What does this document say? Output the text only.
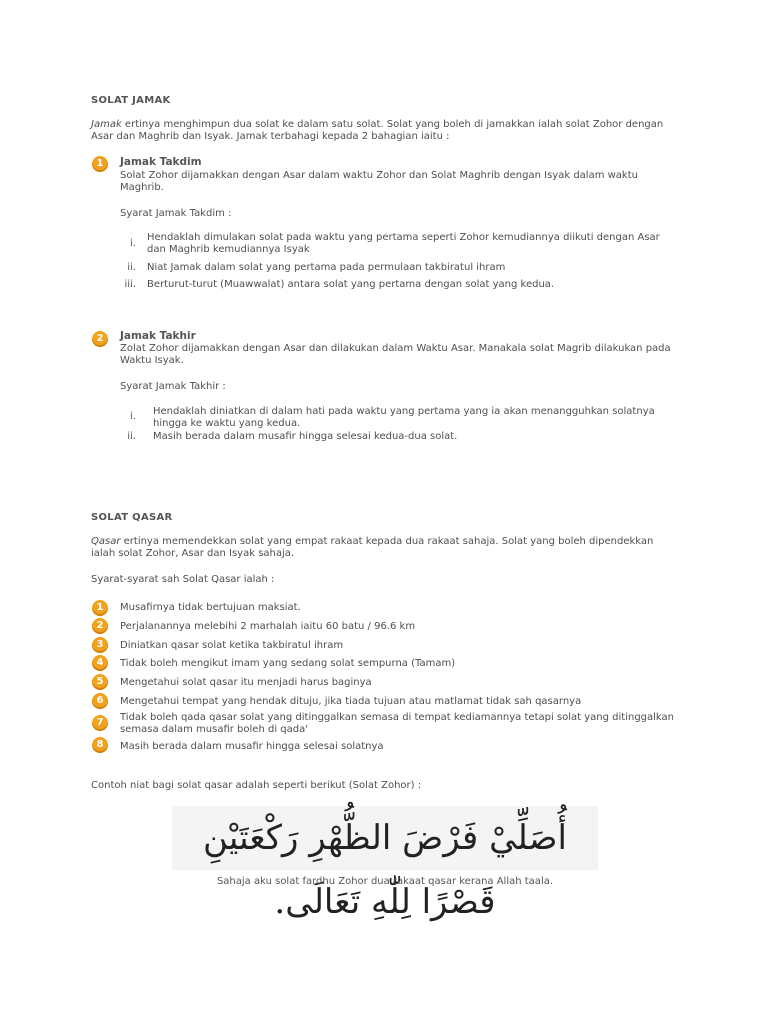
SOLAT JAMAK
Jamak ertinya menghimpun dua solat ke dalam satu solat. Solat yang boleh di jamakkan ialah solat Zohor dengan
Asar dan Maghrib dan Isyak. Jamak terbahagi kepada 2 bahagian iaitu :
1	Jamak Takdim
Solat Zohor dijamakkan dengan Asar dalam waktu Zohor dan Solat Maghrib dengan Isyak dalam waktu
Maghrib.
Syarat Jamak Takdim :
i.
Hendaklah dimulakan solat pada waktu yang pertama seperti Zohor kemudiannya diikuti dengan Asar
dan Maghrib kemudiannya Isyak
ii. Niat Jamak dalam solat yang pertama pada permulaan takbiratul ihram
iii. Berturut-turut (Muawwalat) antara solat yang pertama dengan solat yang kedua.
2	Jamak Takhir
Zolat Zohor dijamakkan dengan Asar dan dilakukan dalam Waktu Asar. Manakala solat Magrib dilakukan pada
Waktu Isyak.
Syarat Jamak Takhir :
i. Hendaklah diniatkan di dalam hati pada waktu yang pertama yang ia akan menangguhkan solatnya
hingga ke waktu yang kedua.
ii. Masih berada dalam musafir hingga selesai kedua-dua solat.
SOLAT QASAR
Qasar ertinya memendekkan solat yang empat rakaat kepada dua rakaat sahaja. Solat yang boleh dipendekkan
ialah solat Zohor, Asar dan Isyak sahaja.
Syarat-syarat sah Solat Qasar ialah :
1	Musafirnya tidak bertujuan maksiat.
2	Perjalanannya melebihi 2 marhalah iaitu 60 batu / 96.6 km
3	Diniatkan qasar solat ketika takbiratul ihram
4	Tidak boleh mengikut imam yang sedang solat sempurna (Tamam)
5	Mengetahui solat qasar itu menjadi harus baginya
6	Mengetahui tempat yang hendak dituju, jika tiada tujuan atau matlamat tidak sah qasarnya
7	Tidak boleh qada qasar solat yang ditinggalkan semasa di tempat kediamannya tetapi solat yang ditinggalkan
semasa dalam musafir boleh di qada'
8	Masih berada dalam musafir hingga selesai solatnya
Contoh niat bagi solat qasar adalah seperti berikut (Solat Zohor) :
أُصَلِّيْ فَرْضَ الظُّهْرِ رَكْعَتَيْنِ قَصْرًا لِلّٰهِ تَعَالَى.
Sahaja aku solat fardhu Zohor dua rakaat qasar kerana Allah taala.
